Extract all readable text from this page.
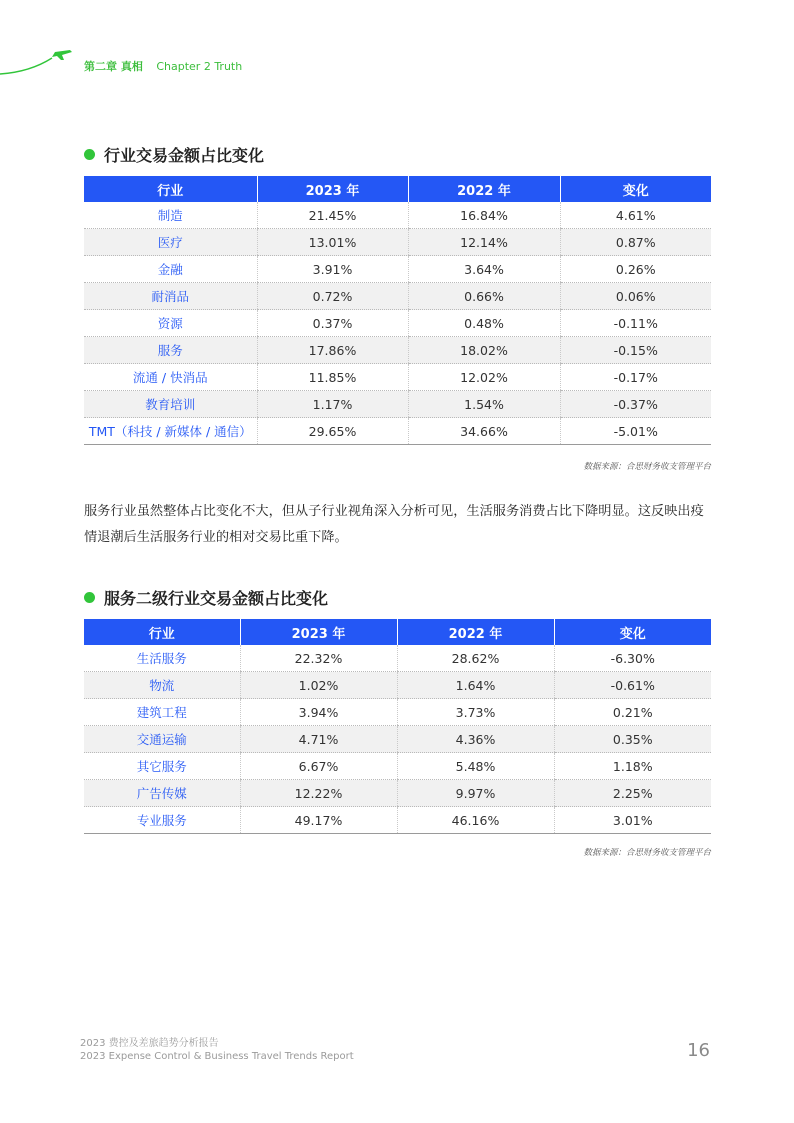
第二章 真相 Chapter 2 Truth
行业交易金额占比变化
行业	2023 年	2022 年	变化
制造	21.45%	16.84%	4.61%
医疗	13.01%	12.14%	0.87%
金融	3.91%	3.64%	0.26%
耐消品	0.72%	0.66%	0.06%
资源	0.37%	0.48%	-0.11%
服务	17.86%	18.02%	-0.15%
流通 / 快消品	11.85%	12.02%	-0.17%
教育培训	1.17%	1.54%	-0.37%
TMT（科技 / 新媒体 / 通信）	29.65%	34.66%	-5.01%
数据来源：合思财务收支管理平台
服务行业虽然整体占比变化不大，但从子行业视角深入分析可见，生活服务消费占比下降明显。这反映出疫情退潮后生活服务行业的相对交易比重下降。
服务二级行业交易金额占比变化
行业	2023 年	2022 年	变化
生活服务	22.32%	28.62%	-6.30%
物流	1.02%	1.64%	-0.61%
建筑工程	3.94%	3.73%	0.21%
交通运输	4.71%	4.36%	0.35%
其它服务	6.67%	5.48%	1.18%
广告传媒	12.22%	9.97%	2.25%
专业服务	49.17%	46.16%	3.01%
数据来源：合思财务收支管理平台
2023 费控及差旅趋势分析报告
2023 Expense Control & Business Travel Trends Report	16
